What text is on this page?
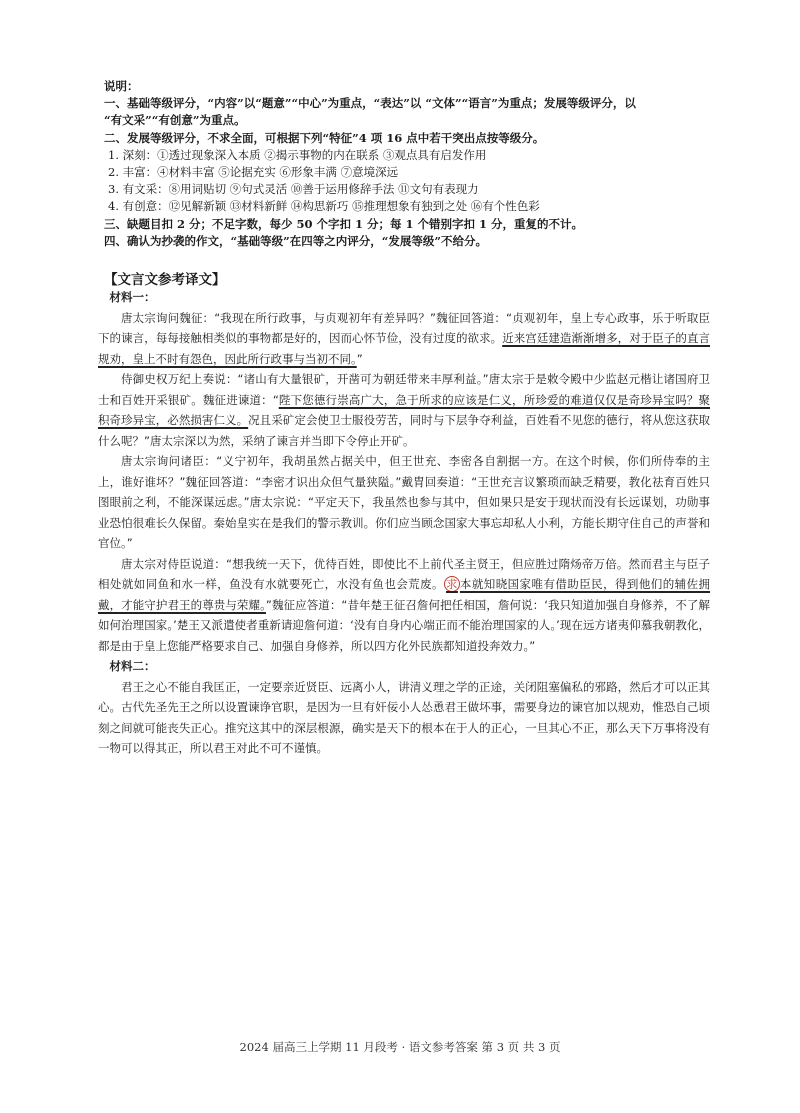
说明：

一、基础等级评分，“内容”以“题意”“中心”为重点，“表达”以 “文体”“语言”为重点；发展等级评分，以

“有文采”“有创意”为重点。

二、发展等级评分，不求全面，可根据下列“特征”4 项 16 点中若干突出点按等级分。

1. 深刻：①透过现象深入本质 ②揭示事物的内在联系 ③观点具有启发作用

2. 丰富：④材料丰富 ⑤论据充实 ⑥形象丰满 ⑦意境深远

3. 有文采：⑧用词贴切 ⑨句式灵活 ⑩善于运用修辞手法 ⑪文句有表现力

4. 有创意：⑫见解新颖 ⑬材料新鲜 ⑭构思新巧 ⑮推理想象有独到之处 ⑯有个性色彩

三、缺题目扣 2 分；不足字数，每少 50 个字扣 1 分；每 1 个错别字扣 1 分，重复的不计。

四、确认为抄袭的作文，“基础等级”在四等之内评分，“发展等级”不给分。

【文言文参考译文】

材料一：

唐太宗询问魏征：“我现在所行政事，与贞观初年有差异吗？”魏征回答道：“贞观初年，皇上专心政事，乐于听取臣下的谏言，每每接触相类似的事物都是好的，因而心怀节俭，没有过度的欲求。近来宫廷建造渐渐增多，对于臣子的直言规劝，皇上不时有怨色，因此所行政事与当初不同。”

侍御史权万纪上奏说：“诸山有大量银矿，开凿可为朝廷带来丰厚利益。”唐太宗于是敕令殿中少监赵元楷让诸国府卫士和百姓开采银矿。魏征进谏道：“陛下您德行崇高广大，急于所求的应该是仁义，所珍爱的难道仅仅是奇珍异宝吗？聚积奇珍异宝，必然损害仁义。况且采矿定会使卫士服役劳苦，同时与下层争夺利益，百姓看不见您的德行，将从您这获取什么呢？”唐太宗深以为然，采纳了谏言并当即下令停止开矿。

唐太宗询问诸臣：“义宁初年，我胡虽然占据关中，但王世充、李密各自割据一方。在这个时候，你们所侍奉的主上，谁好谁坏？”魏征回答道：“李密才识出众但气量狭隘。”戴胄回奏道：“王世充言议繁琐而缺乏精要，教化祛育百姓只图眼前之利，不能深谋远虑。”唐太宗说：“平定天下，我虽然也参与其中，但如果只是安于现状而没有长远谋划，功勋事业恐怕很难长久保留。秦始皇实在是我们的警示教训。你们应当顾念国家大事忘却私人小利，方能长期守住自己的声誉和官位。”

唐太宗对侍臣说道：“想我统一天下，优待百姓，即使比不上前代圣主贤王，但应胜过隋炀帝万倍。然而君主与臣子相处就如同鱼和水一样，鱼没有水就要死亡，水没有鱼也会荒废。 求 本就知晓国家唯有借助臣民，得到他们的辅佐拥戴，才能守护君王的尊贵与荣耀。”魏征应答道：“昔年楚王征召詹何把任相国，詹何说：‘我只知道加强自身修养，不了解如何治理国家。’楚王又派遣使者重新请迎詹何道：‘没有自身内心端正而不能治理国家的人。’现在远方诸夷仰慕我朝教化，都是由于皇上您能严格要求自己、加强自身修养，所以四方化外民族都知道投奔效力。”

材料二：

君王之心不能自我匡正，一定要亲近贤臣、远离小人，讲清义理之学的正途，关闭阻塞偏私的邪路，然后才可以正其心。古代先圣先王之所以设置谏诤官职，是因为一旦有奸佞小人怂恿君王做坏事，需要身边的谏官加以规劝，惟恐自己顷刻之间就可能丧失正心。推究这其中的深层根源，确实是天下的根本在于人的正心，一旦其心不正，那么天下万事将没有一物可以得其正，所以君王对此不可不谨慎。

2024 届高三上学期 11 月段考 · 语文参考答案 第 3 页 共 3 页
